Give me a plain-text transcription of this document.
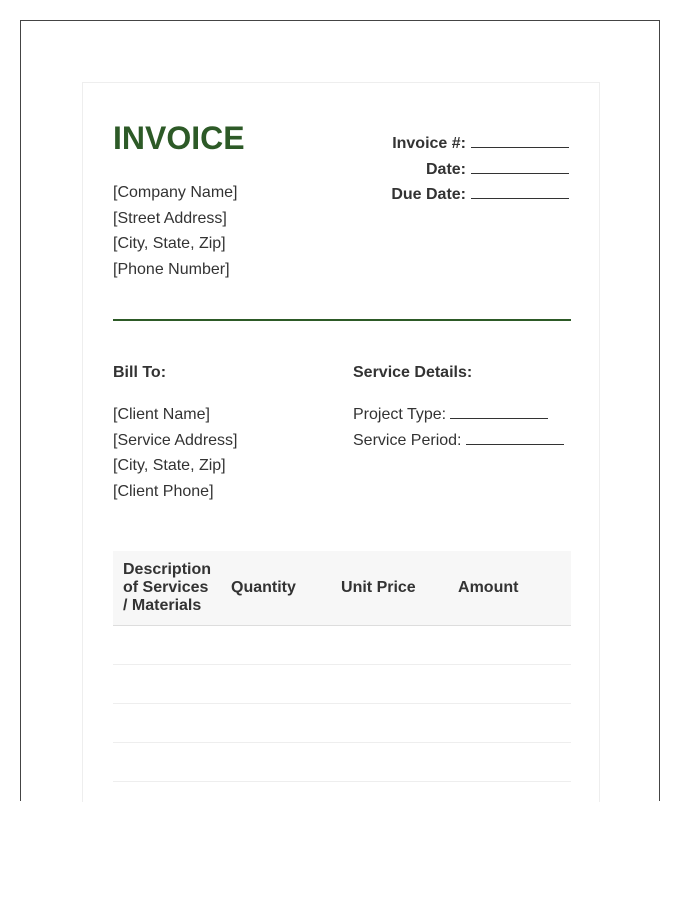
INVOICE	Invoice #:
Date:
Due Date:
[Company Name]
[Street Address]
[City, State, Zip]
[Phone Number]
Bill To:	Service Details:
[Client Name]
[Service Address]
[City, State, Zip]
[Client Phone]
Project Type:
Service Period:
Description of Services / Materials	Quantity	Unit Price	Amount
